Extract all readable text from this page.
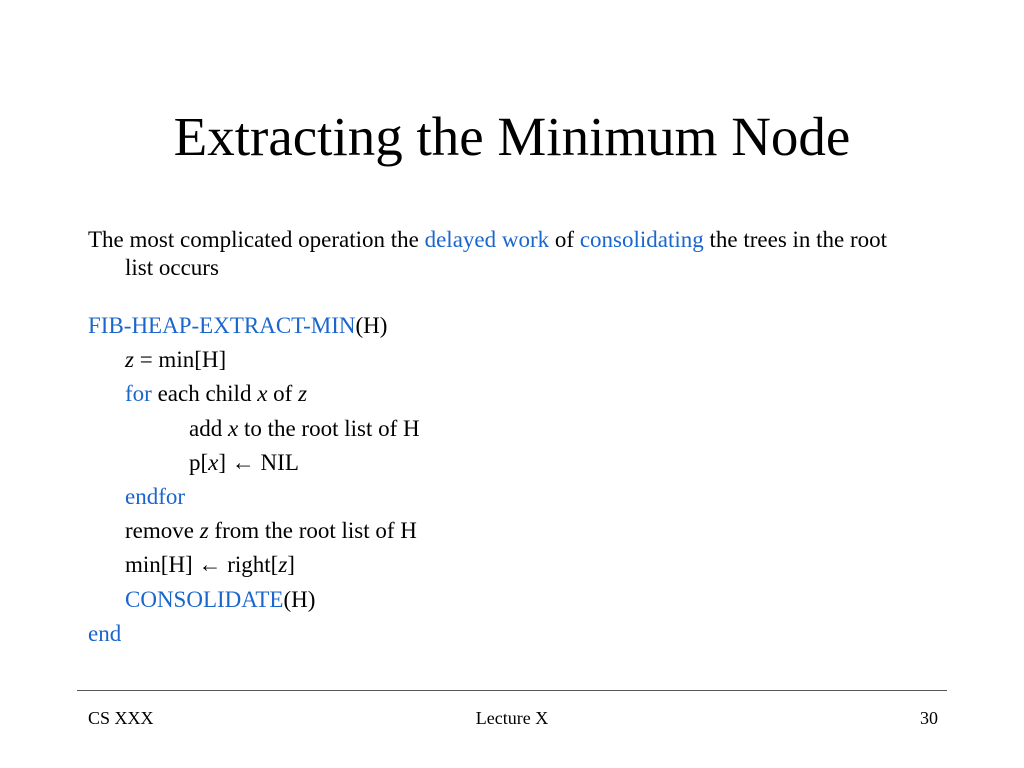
Extracting the Minimum Node

The most complicated operation the delayed work of consolidating the trees in the root list occurs

FIB-HEAP-EXTRACT-MIN(H)
z = min[H]
for each child x of z
add x to the root list of H
p[x] ← NIL
endfor
remove z from the root list of H
min[H] ← right[z]
CONSOLIDATE(H)
end
CS XXX	Lecture X	30
